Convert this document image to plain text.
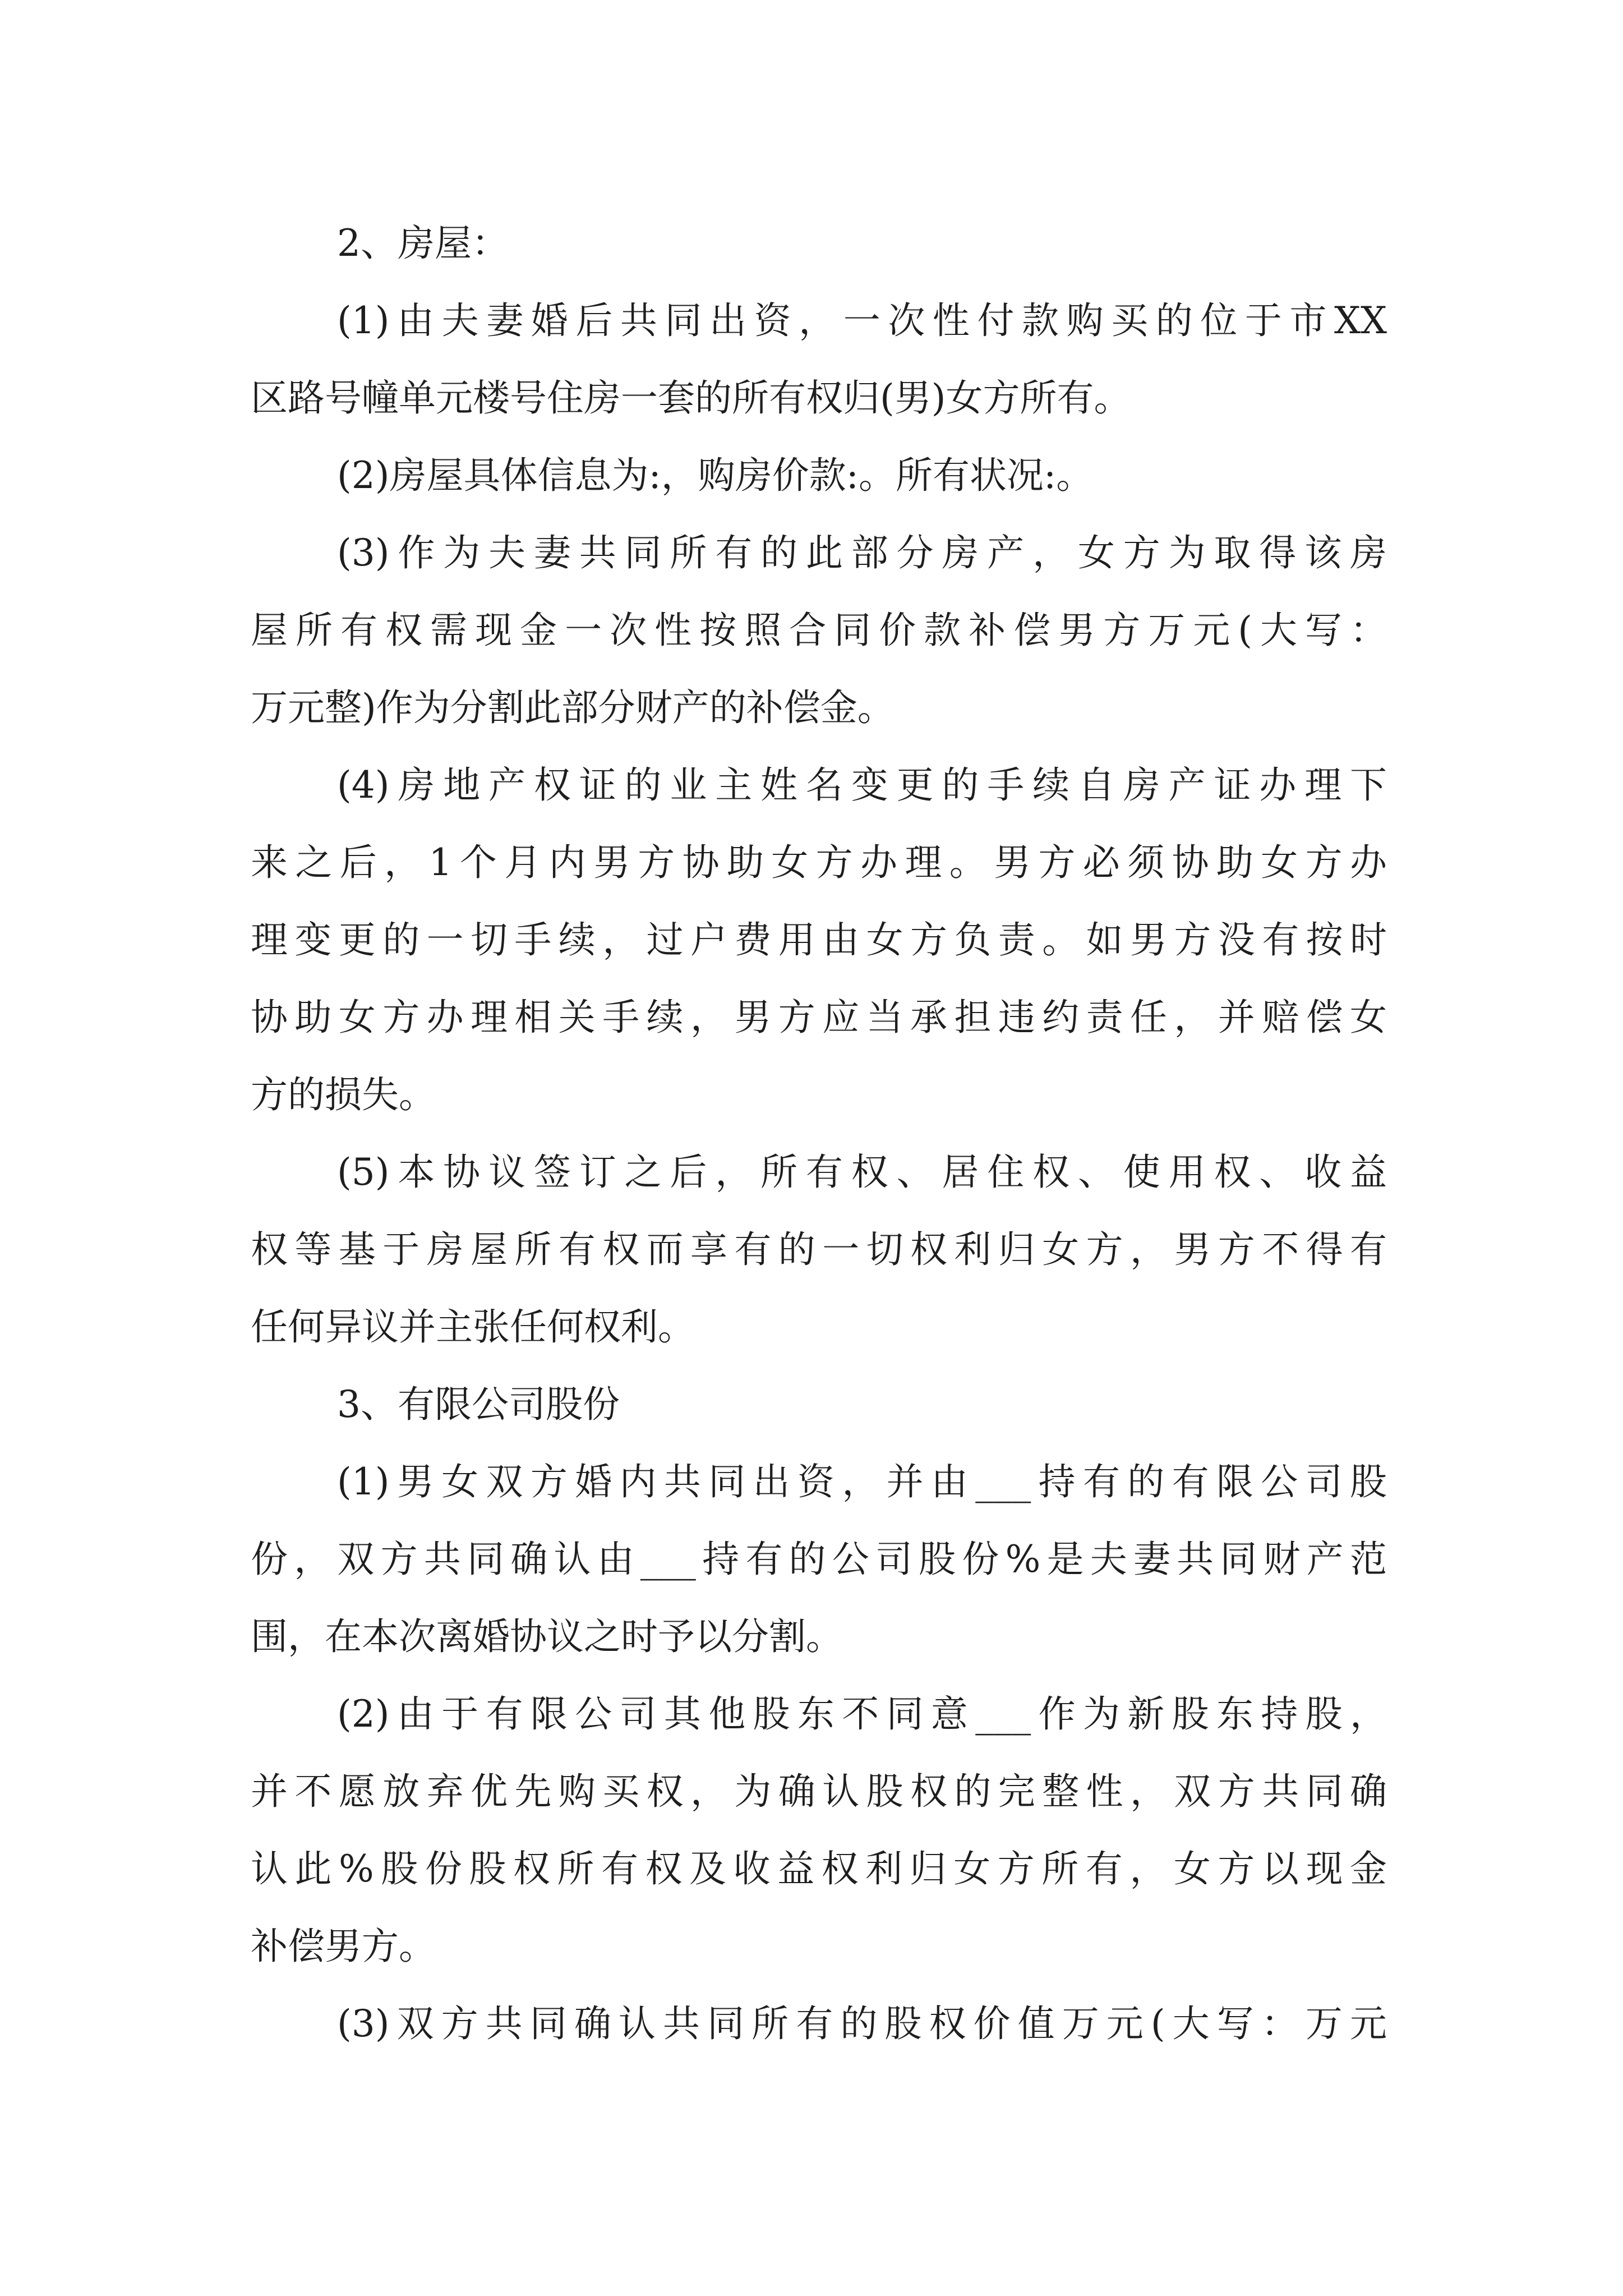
2、房屋：
(1)由夫妻婚后共同出资，一次性付款购买的位于市XX
区路号幢单元楼号住房一套的所有权归(男)女方所有。
(2)房屋具体信息为:，购房价款:。所有状况:。
(3)作为夫妻共同所有的此部分房产，女方为取得该房
屋所有权需现金一次性按照合同价款补偿男方万元(大写：
万元整)作为分割此部分财产的补偿金。
(4)房地产权证的业主姓名变更的手续自房产证办理下
来之后，1个月内男方协助女方办理。男方必须协助女方办
理变更的一切手续，过户费用由女方负责。如男方没有按时
协助女方办理相关手续，男方应当承担违约责任，并赔偿女
方的损失。
(5)本协议签订之后，所有权、居住权、使用权、收益
权等基于房屋所有权而享有的一切权利归女方，男方不得有
任何异议并主张任何权利。
3、有限公司股份
(1)男女双方婚内共同出资，并由___持有的有限公司股
份，双方共同确认由___持有的公司股份%是夫妻共同财产范
围，在本次离婚协议之时予以分割。
(2)由于有限公司其他股东不同意___作为新股东持股，
并不愿放弃优先购买权，为确认股权的完整性，双方共同确
认此%股份股权所有权及收益权利归女方所有，女方以现金
补偿男方。
(3)双方共同确认共同所有的股权价值万元(大写：万元
